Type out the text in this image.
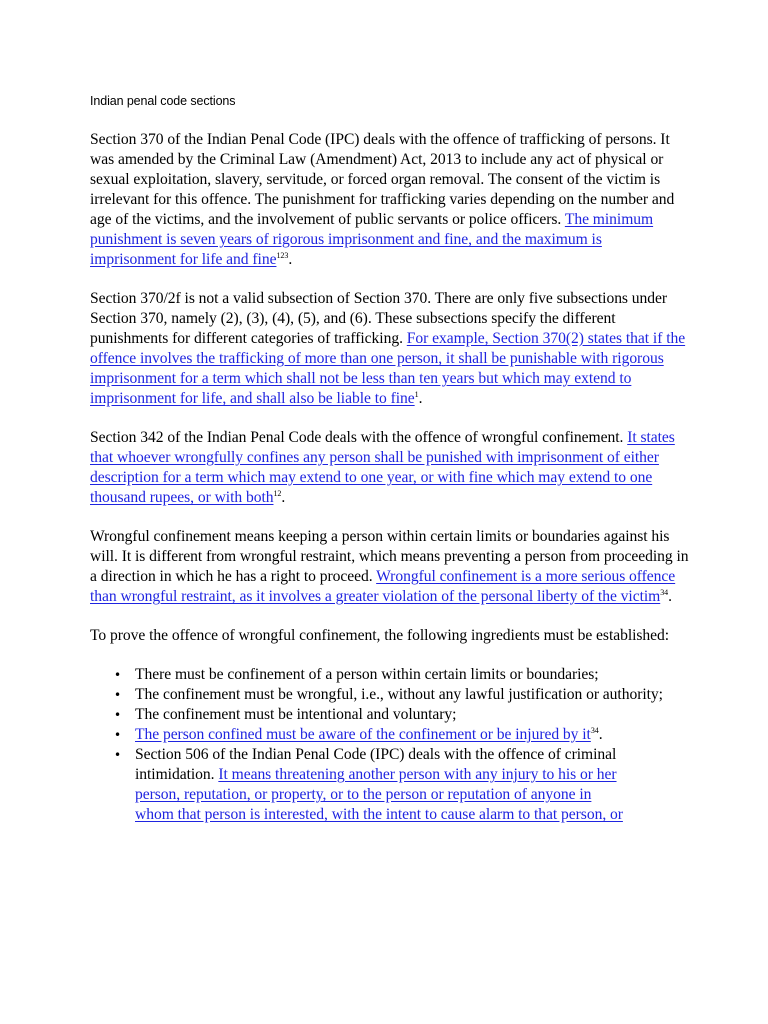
Indian penal code sections

Section 370 of the Indian Penal Code (IPC) deals with the offence of trafficking of persons. It was amended by the Criminal Law (Amendment) Act, 2013 to include any act of physical or sexual exploitation, slavery, servitude, or forced organ removal. The consent of the victim is irrelevant for this offence. The punishment for trafficking varies depending on the number and age of the victims, and the involvement of public servants or police officers. The minimum punishment is seven years of rigorous imprisonment and fine, and the maximum is imprisonment for life and fine$^{123}$.

Section 370/2f is not a valid subsection of Section 370. There are only five subsections under Section 370, namely (2), (3), (4), (5), and (6). These subsections specify the different punishments for different categories of trafficking. For example, Section 370(2) states that if the offence involves the trafficking of more than one person, it shall be punishable with rigorous imprisonment for a term which shall not be less than ten years but which may extend to imprisonment for life, and shall also be liable to fine$^1$.

Section 342 of the Indian Penal Code deals with the offence of wrongful confinement. It states that whoever wrongfully confines any person shall be punished with imprisonment of either description for a term which may extend to one year, or with fine which may extend to one thousand rupees, or with both$^{12}$.

Wrongful confinement means keeping a person within certain limits or boundaries against his will. It is different from wrongful restraint, which means preventing a person from proceeding in a direction in which he has a right to proceed. Wrongful confinement is a more serious offence than wrongful restraint, as it involves a greater violation of the personal liberty of the victim$^{34}$.

To prove the offence of wrongful confinement, the following ingredients must be established:

• There must be confinement of a person within certain limits or boundaries;
• The confinement must be wrongful, i.e., without any lawful justification or authority;
• The confinement must be intentional and voluntary;
• The person confined must be aware of the confinement or be injured by $it^{34}$.
• Section 506 of the Indian Penal Code (IPC) deals with the offence of criminal intimidation. It means threatening another person with any injury to his or her
person, reputation, or property, or to the person or reputation of anyone in
whom that person is interested, with the intent to cause alarm to that person, or
